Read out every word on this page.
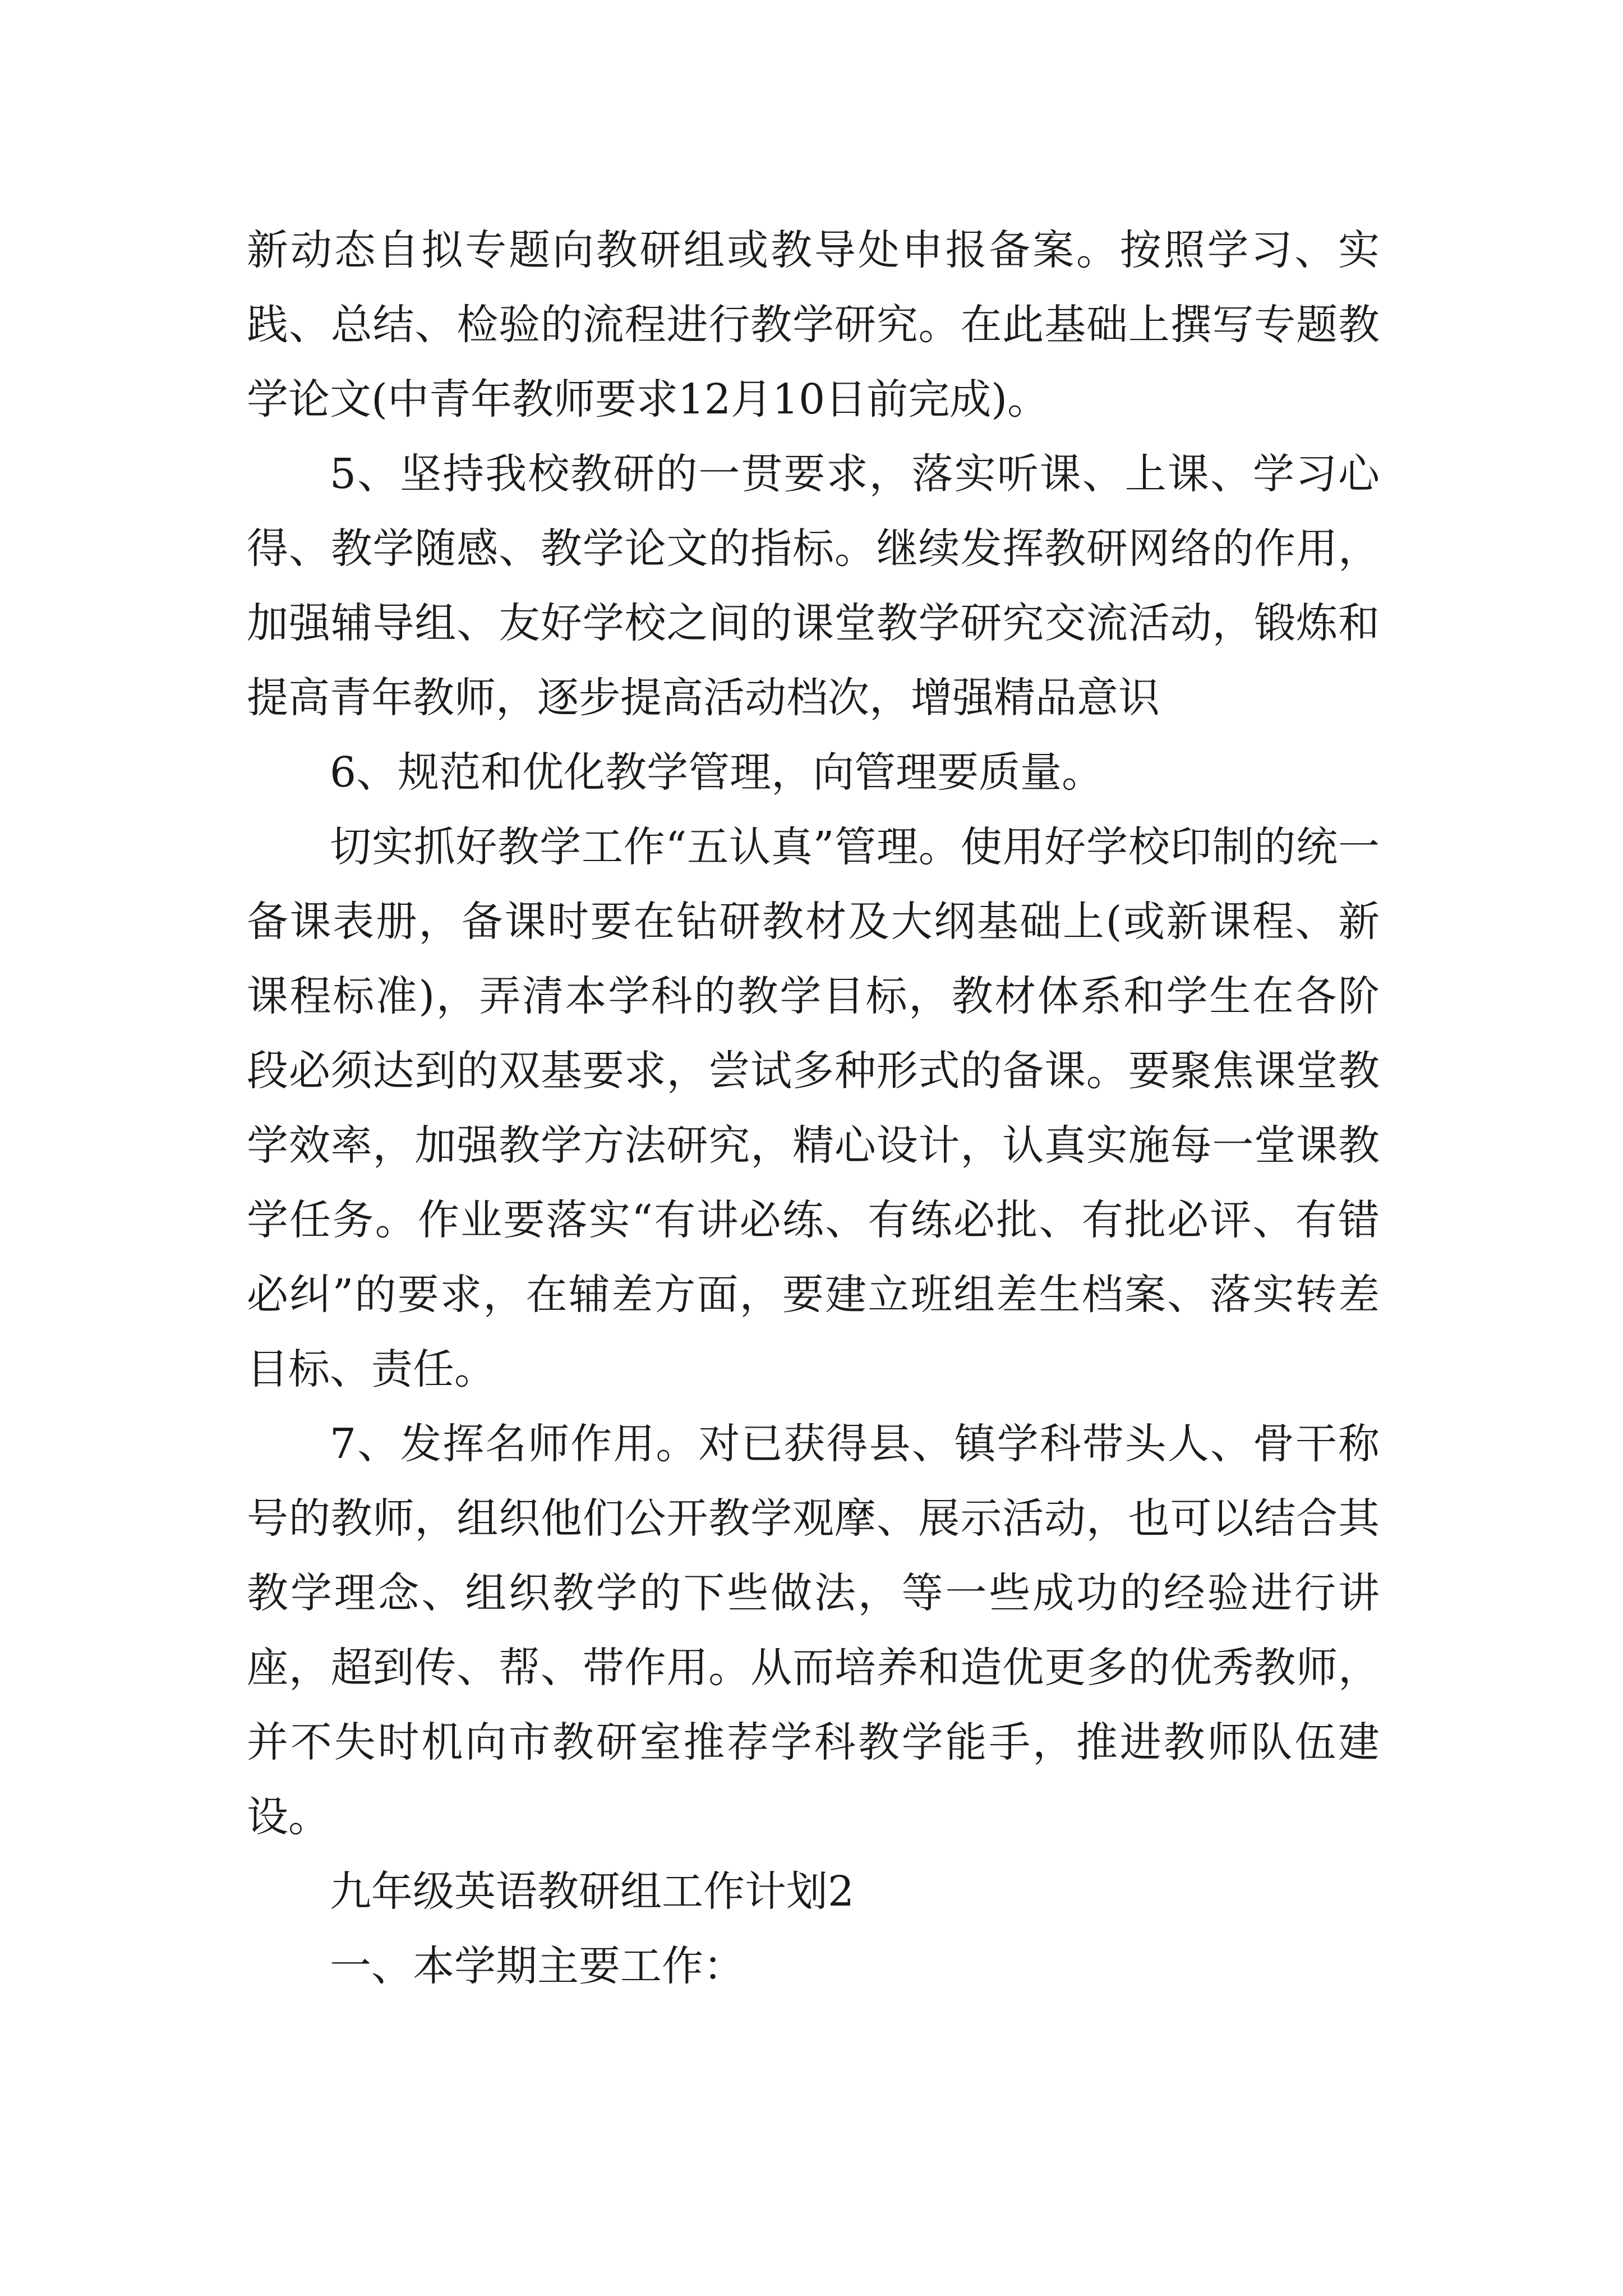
新动态自拟专题向教研组或教导处申报备案。按照学习、实践、总结、检验的流程进行教学研究。在此基础上撰写专题教学论文(中青年教师要求12月10日前完成)。

5、坚持我校教研的一贯要求，落实听课、上课、学习心得、教学随感、教学论文的指标。继续发挥教研网络的作用，加强辅导组、友好学校之间的课堂教学研究交流活动，锻炼和提高青年教师，逐步提高活动档次，增强精品意识

6、规范和优化教学管理，向管理要质量。

切实抓好教学工作“五认真”管理。使用好学校印制的统一备课表册，备课时要在钻研教材及大纲基础上(或新课程、新课程标准)，弄清本学科的教学目标，教材体系和学生在各阶段必须达到的双基要求，尝试多种形式的备课。要聚焦课堂教学效率，加强教学方法研究，精心设计，认真实施每一堂课教学任务。作业要落实“有讲必练、有练必批、有批必评、有错必纠”的要求，在辅差方面，要建立班组差生档案、落实转差目标、责任。

7、发挥名师作用。对已获得县、镇学科带头人、骨干称号的教师，组织他们公开教学观摩、展示活动，也可以结合其教学理念、组织教学的下些做法，等一些成功的经验进行讲座，超到传、帮、带作用。从而培养和造优更多的优秀教师，并不失时机向市教研室推荐学科教学能手，推进教师队伍建设。

九年级英语教研组工作计划2

一、本学期主要工作：
